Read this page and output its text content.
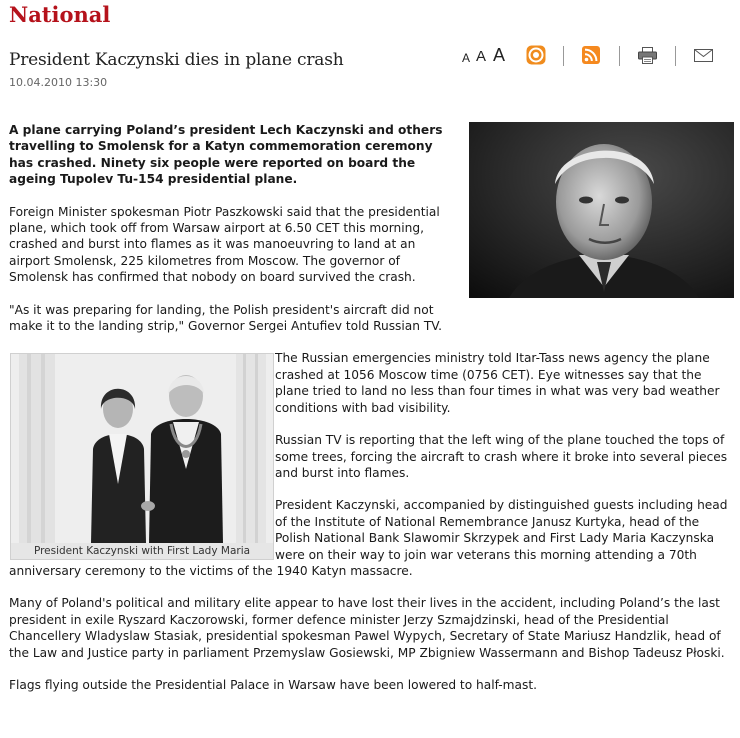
National
President Kaczynski dies in plane crash
10.04.2010 13:30
A A A
President Kaczynski with First Lady Maria

A plane carrying Poland’s president Lech Kaczynski and others travelling to Smolensk for a Katyn commemoration ceremony has crashed. Ninety six people were reported on board the ageing Tupolev Tu-154 presidential plane.

Foreign Minister spokesman Piotr Paszkowski said that the presidential plane, which took off from Warsaw airport at 6.50 CET this morning, crashed and burst into flames as it was manoeuvring to land at an airport Smolensk, 225 kilometres from Moscow. The governor of Smolensk has confirmed that nobody on board survived the crash.

"As it was preparing for landing, the Polish president's aircraft did not make it to the landing strip," Governor Sergei Antufiev told Russian TV.

The Russian emergencies ministry told Itar-Tass news agency the plane crashed at 1056 Moscow time (0756 CET). Eye witnesses say that the plane tried to land no less than four times in what was very bad weather conditions with bad visibility.

Russian TV is reporting that the left wing of the plane touched the tops of some trees, forcing the aircraft to crash where it broke into several pieces and burst into flames.

President Kaczynski, accompanied by distinguished guests including head of the Institute of National Remembrance Janusz Kurtyka, head of the Polish National Bank Slawomir Skrzypek and First Lady Maria Kaczynska were on their way to join war veterans this morning attending a 70th anniversary ceremony to the victims of the 1940 Katyn massacre.

Many of Poland's political and military elite appear to have lost their lives in the accident, including Poland’s the last president in exile Ryszard Kaczorowski, former defence minister Jerzy Szmajdzinski, head of the Presidential Chancellery Wladyslaw Stasiak, presidential spokesman Pawel Wypych, Secretary of State Mariusz Handzlik, head of the Law and Justice party in parliament Przemyslaw Gosiewski, MP Zbigniew Wassermann and Bishop Tadeusz Płoski.

Flags flying outside the Presidential Palace in Warsaw have been lowered to half-mast.
